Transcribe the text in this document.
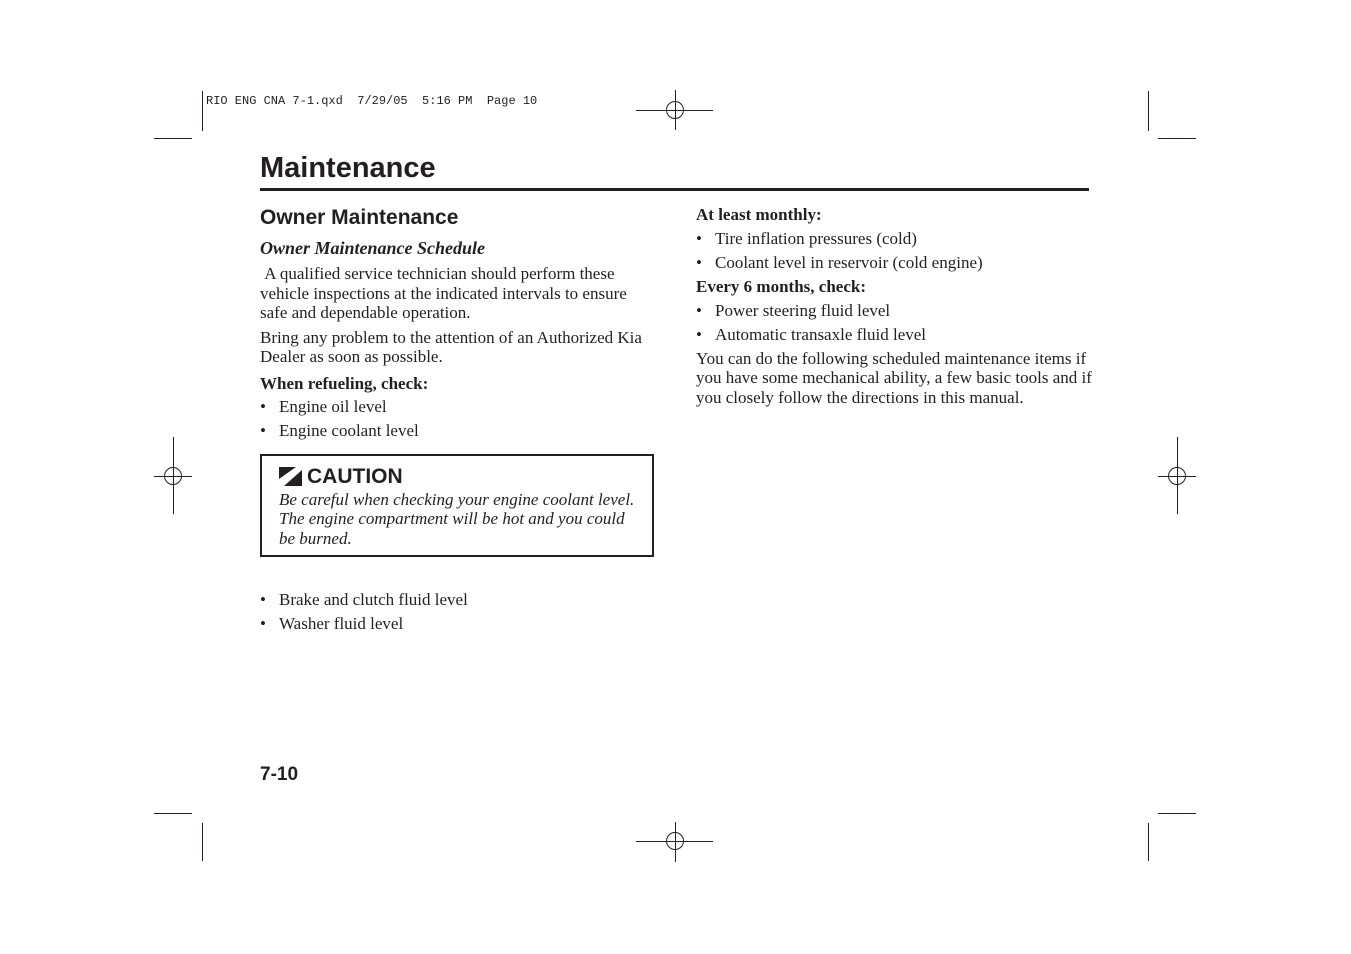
RIO ENG CNA 7-1.qxd  7/29/05  5:16 PM  Page 10
Maintenance
Owner Maintenance
Owner Maintenance Schedule

A qualified service technician should perform these vehicle inspections at the indicated intervals to ensure safe and dependable operation.

Bring any problem to the attention of an Authorized Kia Dealer as soon as possible.

When refueling, check:

• Engine oil level
• Engine coolant level
CAUTION

Be careful when checking your engine coolant level. The engine compartment will be hot and you could be burned.

• Brake and clutch fluid level
• Washer fluid level

At least monthly:

• Tire inflation pressures (cold)
• Coolant level in reservoir (cold engine)

Every 6 months, check:

• Power steering fluid level
• Automatic transaxle fluid level

You can do the following scheduled maintenance items if you have some mechanical ability, a few basic tools and if you closely follow the directions in this manual.

7-10
